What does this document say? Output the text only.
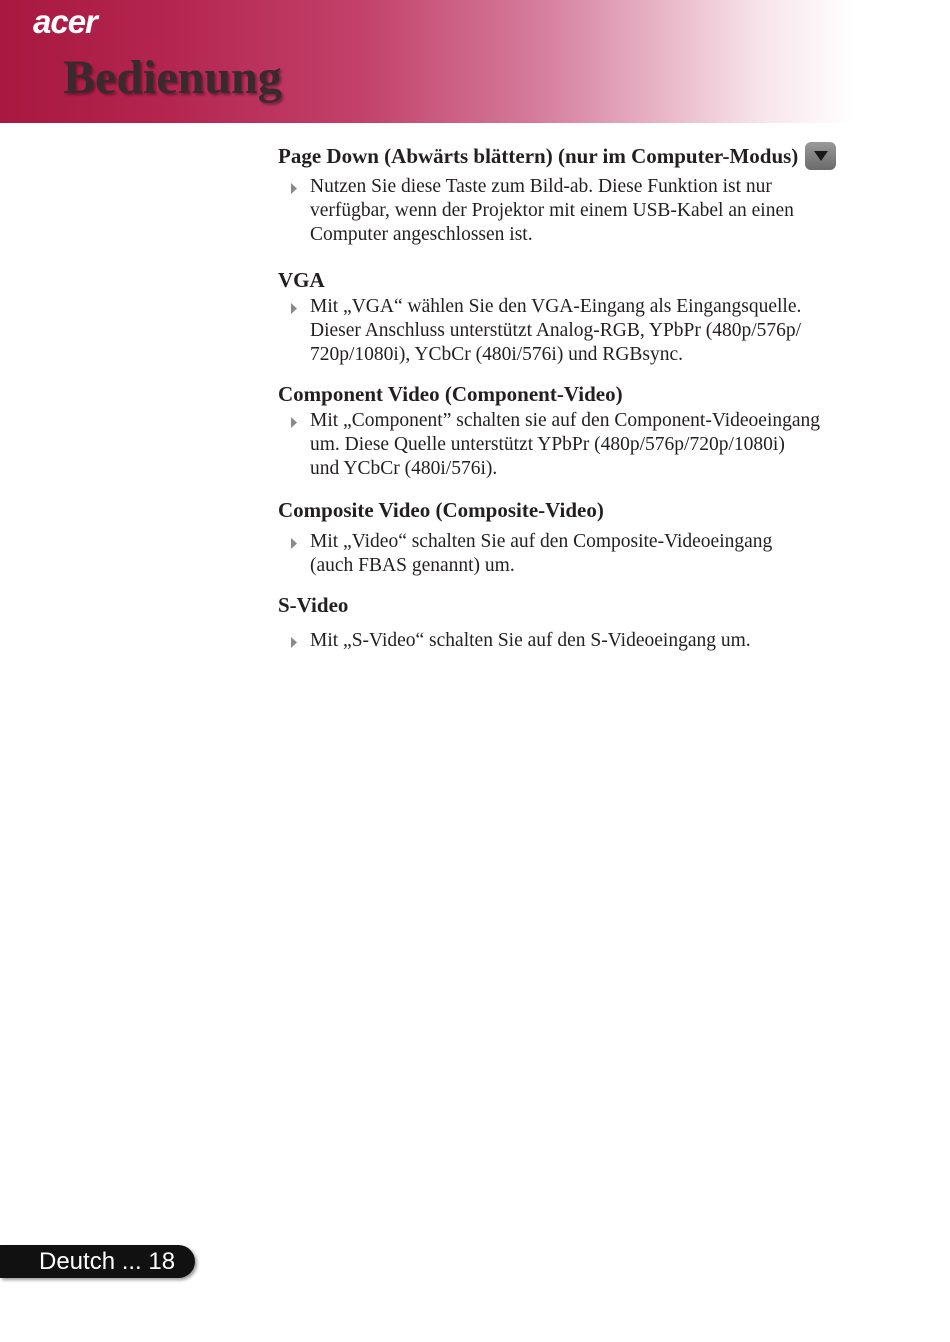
acer
Bedienung
Page Down (Abwärts blättern) (nur im Computer-Modus)

Nutzen Sie diese Taste zum Bild-ab. Diese Funktion ist nur
verfügbar, wenn der Projektor mit einem USB-Kabel an einen
Computer angeschlossen ist.

VGA

Mit „VGA“ wählen Sie den VGA-Eingang als Eingangsquelle.
Dieser Anschluss unterstützt Analog-RGB, YPbPr (480p/576p/
720p/1080i), YCbCr (480i/576i) und RGBsync.

Component Video (Component-Video)

Mit „Component” schalten sie auf den Component-Videoeingang
um. Diese Quelle unterstützt YPbPr (480p/576p/720p/1080i)
und YCbCr (480i/576i).

Composite Video (Composite-Video)

Mit „Video“ schalten Sie auf den Composite-Videoeingang
(auch FBAS genannt) um.

S-Video

Mit „S-Video“ schalten Sie auf den S-Videoeingang um.

Deutch ... 18
